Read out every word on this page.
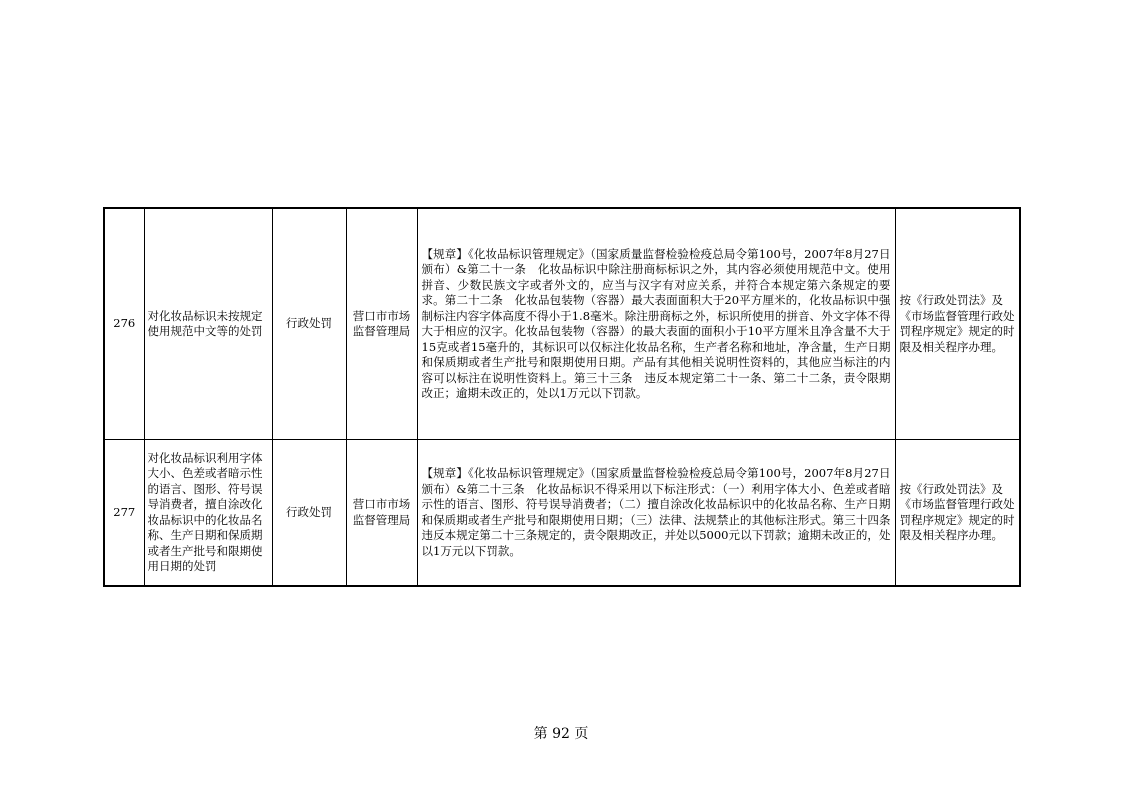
276	对化妆品标识未按规定使用规范中文等的处罚	行政处罚	营口市市场监督管理局	【规章】《化妆品标识管理规定》（国家质量监督检验检疫总局令第100号，2007年8月27日颁布）&第二十一条　化妆品标识中除注册商标标识之外，其内容必须使用规范中文。使用拼音、少数民族文字或者外文的，应当与汉字有对应关系，并符合本规定第六条规定的要求。第二十二条　化妆品包装物（容器）最大表面面积大于20平方厘米的，化妆品标识中强制标注内容字体高度不得小于1.8毫米。除注册商标之外，标识所使用的拼音、外文字体不得大于相应的汉字。化妆品包装物（容器）的最大表面的面积小于10平方厘米且净含量不大于15克或者15毫升的，其标识可以仅标注化妆品名称，生产者名称和地址，净含量，生产日期和保质期或者生产批号和限期使用日期。产品有其他相关说明性资料的，其他应当标注的内容可以标注在说明性资料上。第三十三条　违反本规定第二十一条、第二十二条，责令限期改正；逾期未改正的，处以1万元以下罚款。	按《行政处罚法》及《市场监督管理行政处罚程序规定》规定的时限及相关程序办理。
277	对化妆品标识利用字体大小、色差或者暗示性的语言、图形、符号误导消费者，擅自涂改化妆品标识中的化妆品名称、生产日期和保质期或者生产批号和限期使用日期的处罚	行政处罚	营口市市场监督管理局	【规章】《化妆品标识管理规定》（国家质量监督检验检疫总局令第100号，2007年8月27日颁布）&第二十三条　化妆品标识不得采用以下标注形式：（一）利用字体大小、色差或者暗示性的语言、图形、符号误导消费者；（二）擅自涂改化妆品标识中的化妆品名称、生产日期和保质期或者生产批号和限期使用日期；（三）法律、法规禁止的其他标注形式。第三十四条　违反本规定第二十三条规定的，责令限期改正，并处以5000元以下罚款；逾期未改正的，处以1万元以下罚款。	按《行政处罚法》及《市场监督管理行政处罚程序规定》规定的时限及相关程序办理。
第 92 页
